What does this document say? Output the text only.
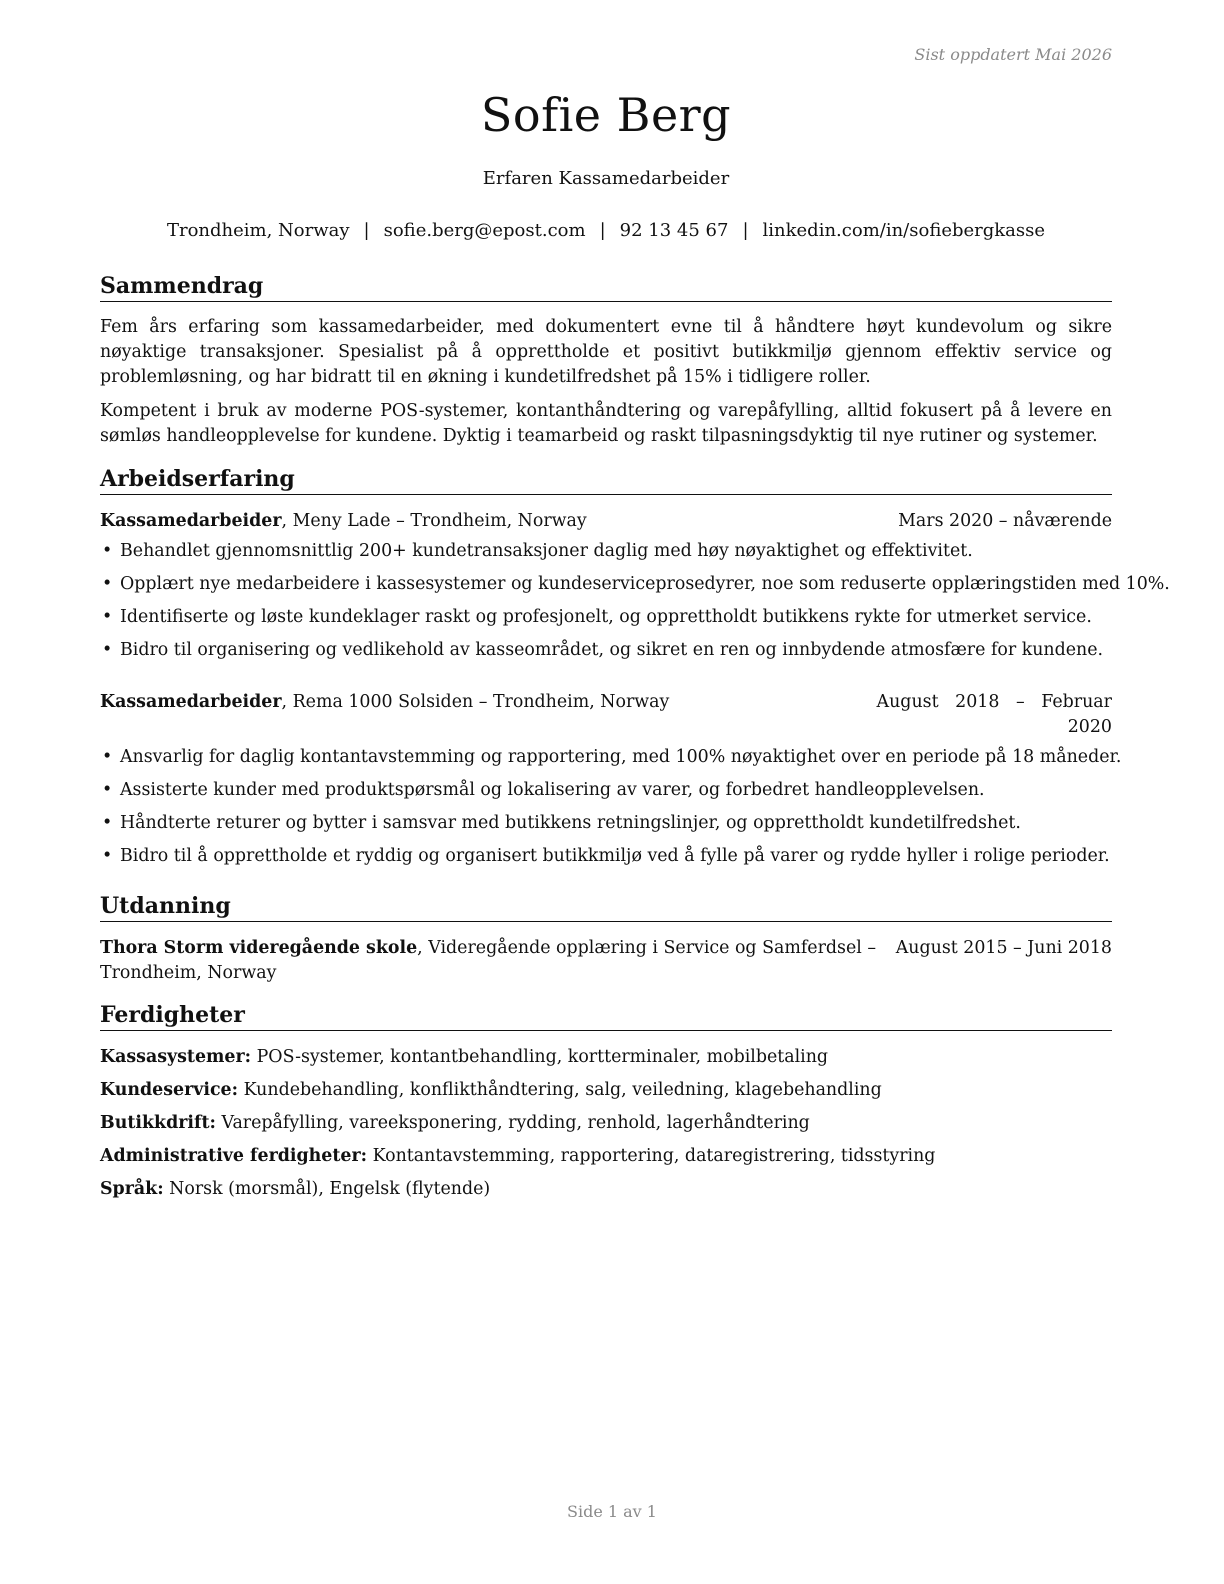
Sist oppdatert Mai 2026
Sofie Berg
Erfaren Kassamedarbeider
Trondheim, Norway | sofie.berg@epost.com | 92 13 45 67 | linkedin.com/in/sofiebergkasse
Sammendrag

Fem års erfaring som kassamedarbeider, med dokumentert evne til å håndtere høyt kundevolum og sikre nøyaktige transaksjoner. Spesialist på å opprettholde et positivt butikkmiljø gjennom effektiv service og problemløsning, og har bidratt til en økning i kundetilfredshet på 15% i tidligere roller.

Kompetent i bruk av moderne POS-systemer, kontanthåndtering og varepåfylling, alltid fokusert på å levere en sømløs handleopplevelse for kundene. Dyktig i teamarbeid og raskt tilpasningsdyktig til nye rutiner og systemer.

Arbeidserfaring
Kassamedarbeider, Meny Lade – Trondheim, Norway	Mars 2020 – nåværende
• Behandlet gjennomsnittlig 200+ kundetransaksjoner daglig med høy nøyaktighet og effektivitet.
• Opplært nye medarbeidere i kassesystemer og kundeserviceprosedyrer, noe som reduserte opplæringstiden med 10%.
• Identifiserte og løste kundeklager raskt og profesjonelt, og opprettholdt butikkens rykte for utmerket service.
• Bidro til organisering og vedlikehold av kasseområdet, og sikret en ren og innbydende atmosfære for kundene.
Kassamedarbeider, Rema 1000 Solsiden – Trondheim, Norway	August   2018   –   Februar
2020
• Ansvarlig for daglig kontantavstemming og rapportering, med 100% nøyaktighet over en periode på 18 måneder.
• Assisterte kunder med produktspørsmål og lokalisering av varer, og forbedret handleopplevelsen.
• Håndterte returer og bytter i samsvar med butikkens retningslinjer, og opprettholdt kundetilfredshet.
• Bidro til å opprettholde et ryddig og organisert butikkmiljø ved å fylle på varer og rydde hyller i rolige perioder.
Utdanning
Thora Storm videregående skole, Videregående opplæring i Service og Samferdsel –
Trondheim, Norway
August 2015 – Juni 2018
Ferdigheter
Kassasystemer: POS-systemer, kontantbehandling, kortterminaler, mobilbetaling
Kundeservice: Kundebehandling, konflikthåndtering, salg, veiledning, klagebehandling
Butikkdrift: Varepåfylling, vareeksponering, rydding, renhold, lagerhåndtering
Administrative ferdigheter: Kontantavstemming, rapportering, dataregistrering, tidsstyring
Språk: Norsk (morsmål), Engelsk (flytende)
Side 1 av 1
